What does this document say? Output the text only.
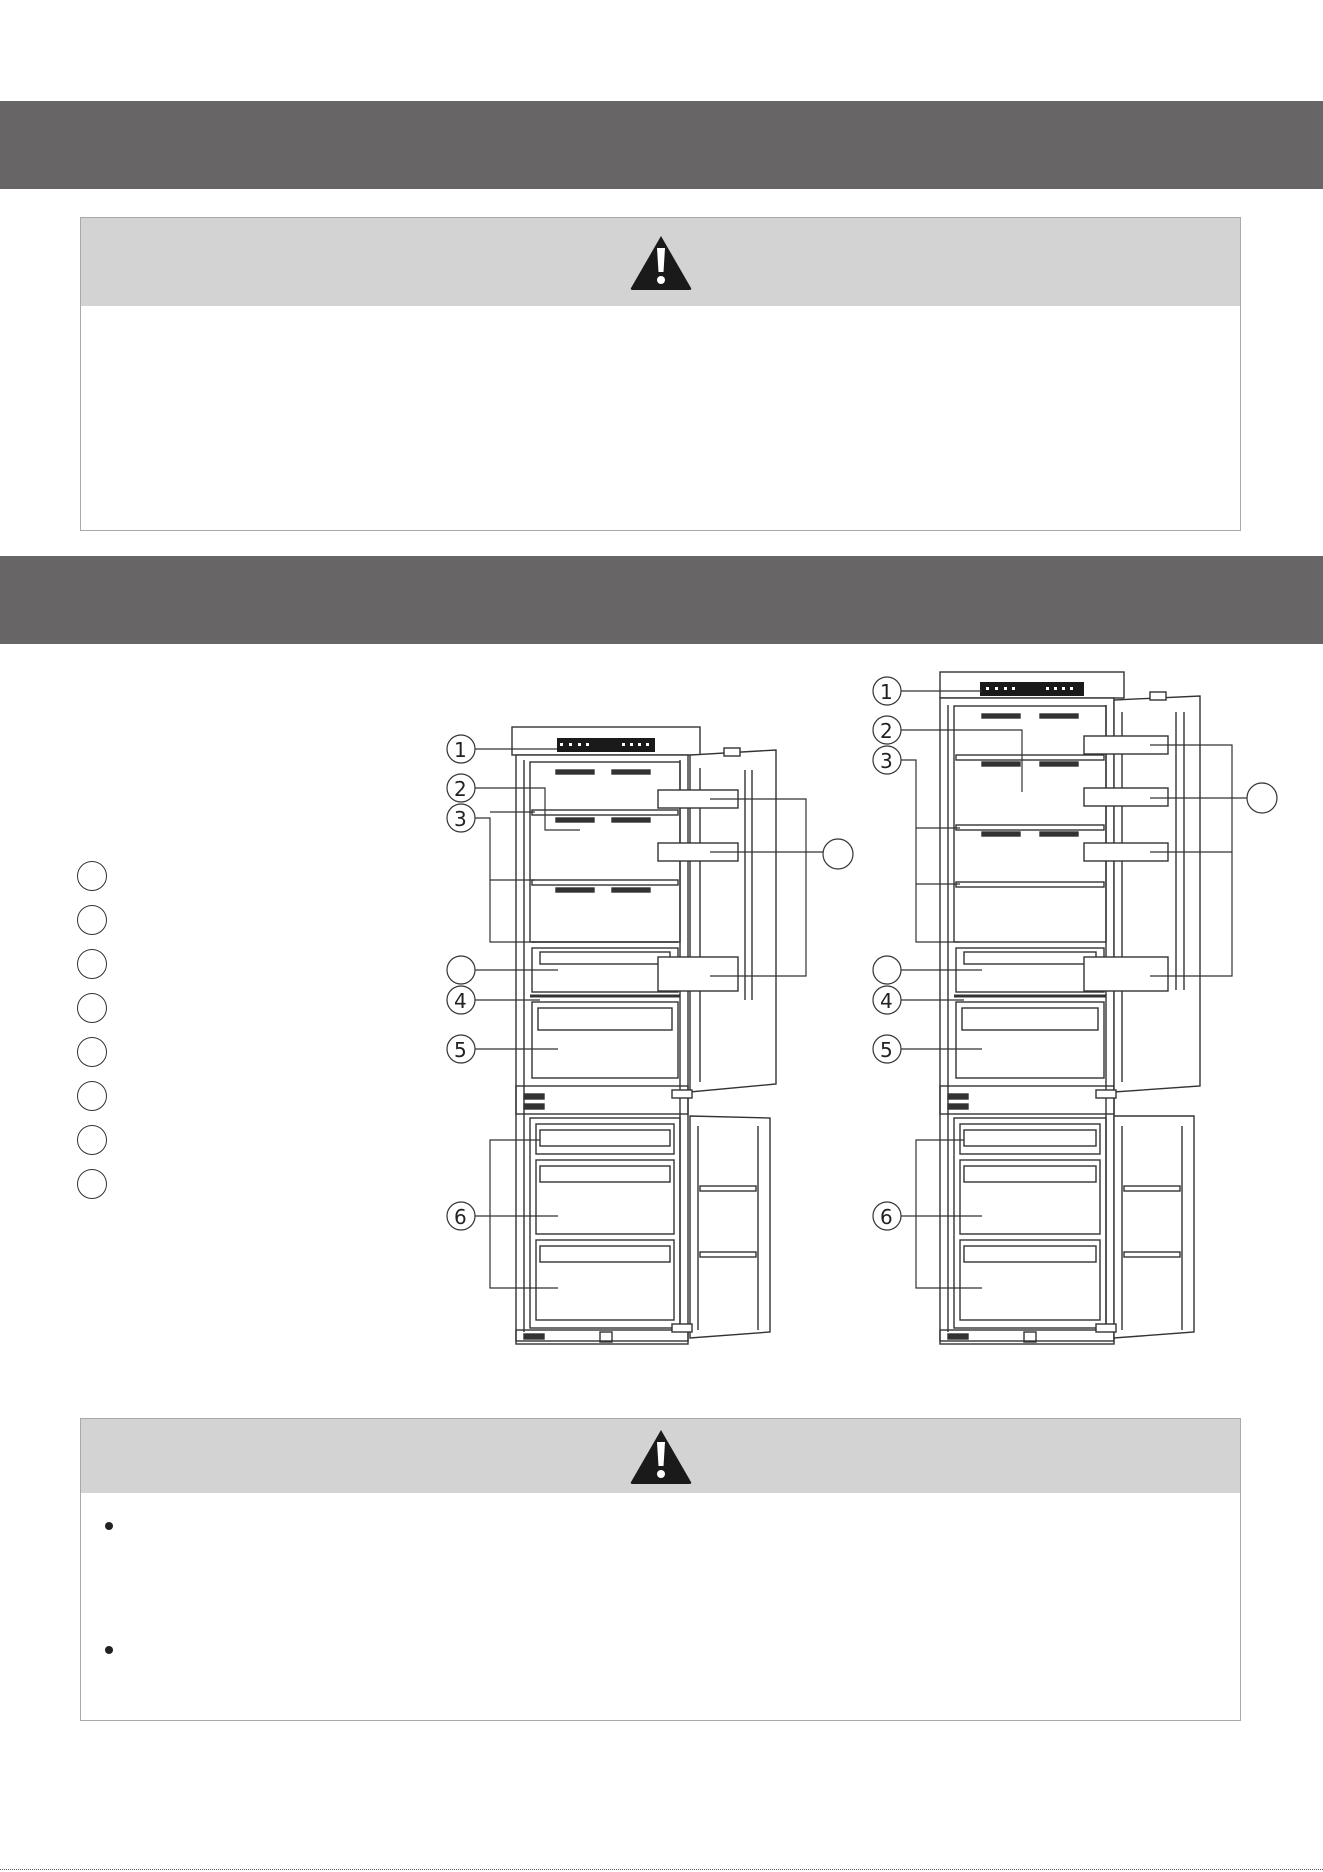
1
2
3
4
5
6
1
2
3
4
5
6
